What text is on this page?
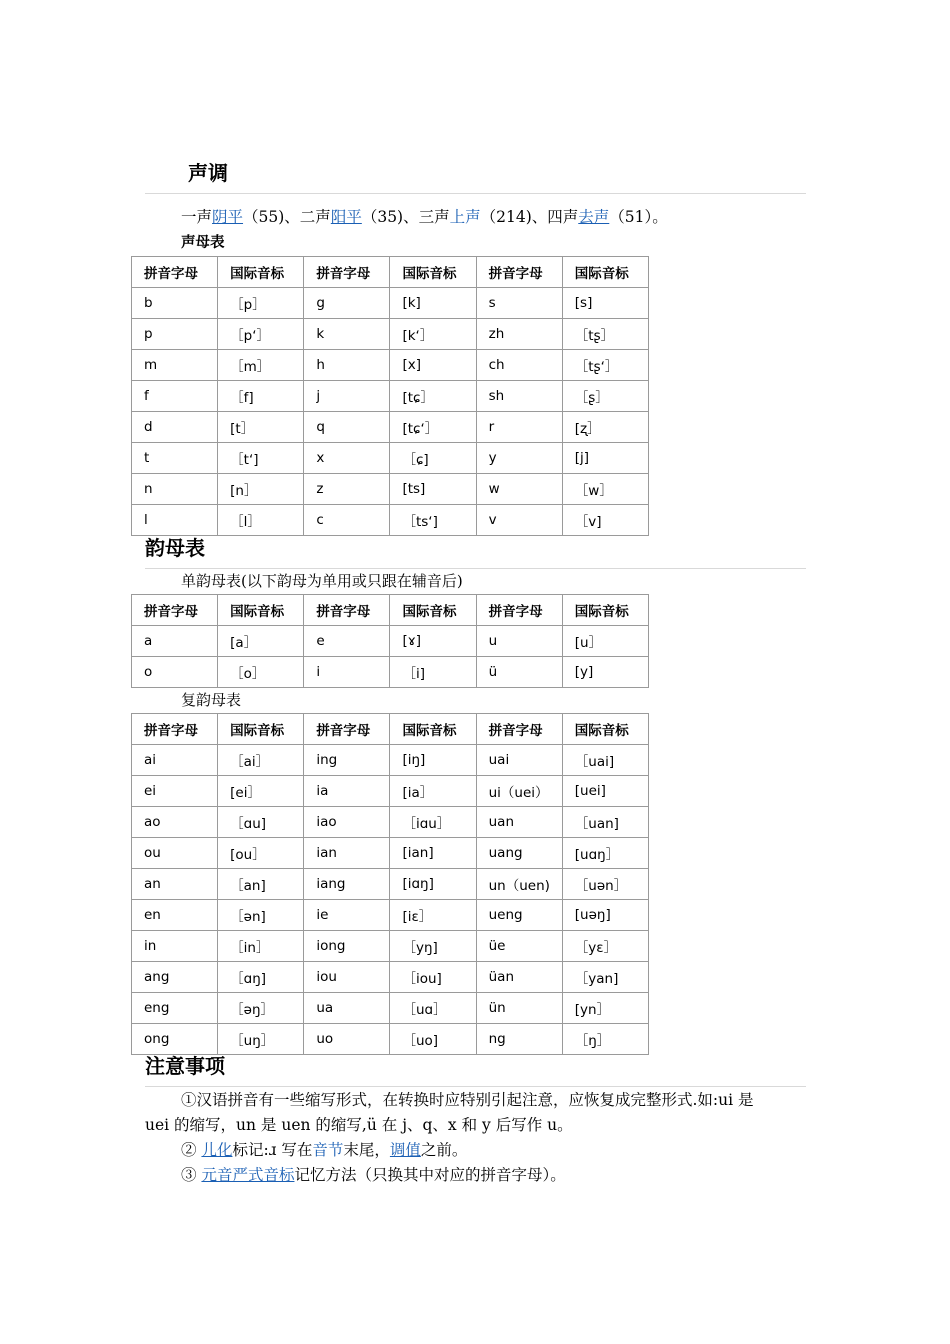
声调
一声阴平（55)、二声阳平（35)、三声上声（214)、四声去声（51）。
声母表
拼音字母	国际音标	拼音字母	国际音标	拼音字母	国际音标
b	［p］	g	[k]	s	[s]
p	［pʻ］	k	[kʻ］	zh	［tʂ］
m	［m］	h	[x]	ch	［tʂʻ］
f	［f]	j	[tɕ］	sh	［ʂ］
d	[t］	q	[tɕʻ］	r	[ʐ］
t	［tʻ]	x	［ɕ]	y	[j]
n	[n］	z	[ts]	w	［w］
l	［l］	c	［tsʻ]	v	［v]
韵母表
单韵母表(以下韵母为单用或只跟在辅音后)
拼音字母	国际音标	拼音字母	国际音标	拼音字母	国际音标
a	[a］	e	[ɤ]	u	[u］
o	［o］	i	［i]	ü	[y]
复韵母表
拼音字母	国际音标	拼音字母	国际音标	拼音字母	国际音标
ai	［ai］	ing	[iŋ]	uai	［uai]
ei	[ei］	ia	[ia］	ui（uei）	[uei]
ao	［ɑu]	iao	［iɑu］	uan	［uan]
ou	[ou］	ian	[ian]	uang	[uɑŋ］
an	［an]	iang	[iɑŋ]	un（uen)	［uən］
en	［ən]	ie	[iɛ］	ueng	[uəŋ]
in	［in］	iong	［yŋ]	üe	［yɛ］
ang	［ɑŋ]	iou	［iou]	üan	［yan]
eng	［əŋ］	ua	［uɑ］	ün	[yn］
ong	［uŋ］	uo	［uo]	ng	［ŋ］
注意事项
①汉语拼音有一些缩写形式，在转换时应特别引起注意，应恢复成完整形式.如:ui 是
uei 的缩写，un 是 uen 的缩写,ü 在 j、q、x 和 y 后写作 u。
② 儿化标记:ɹ 写在音节末尾，调值之前。
③ 元音严式音标记忆方法（只换其中对应的拼音字母）。
